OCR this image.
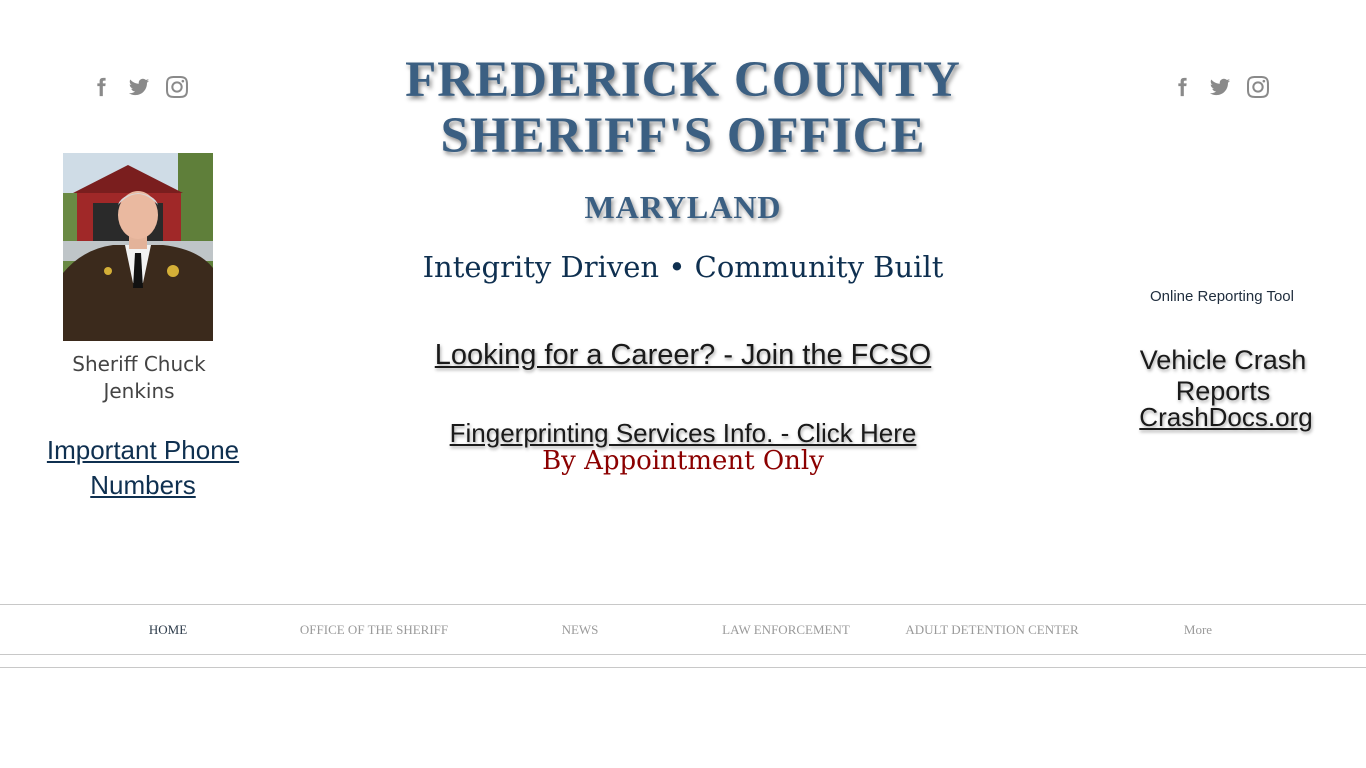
FREDERICK COUNTY
SHERIFF'S OFFICE
MARYLAND
Integrity Driven • Community Built
Looking for a Career? - Join the FCSO
Fingerprinting Services Info. - Click Here
By Appointment Only
Sheriff Chuck
Jenkins
Important Phone
Numbers
Online Reporting Tool
Vehicle Crash Reports
CrashDocs.org
HOME	OFFICE OF THE SHERIFF	NEWS	LAW ENFORCEMENT	ADULT DETENTION CENTER	More
